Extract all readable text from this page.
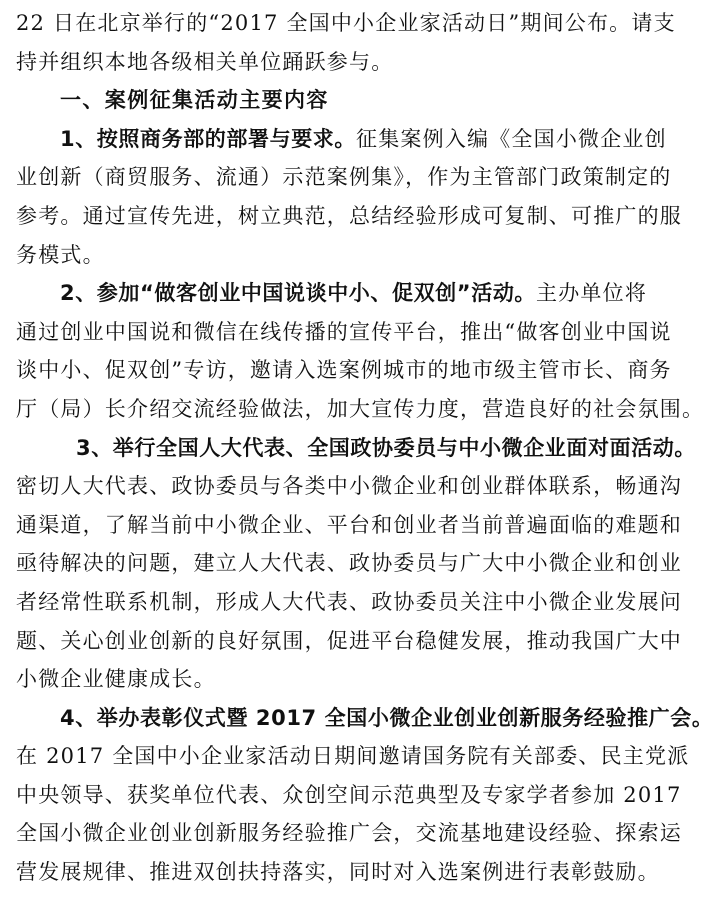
22 日在北京举行的“2017 全国中小企业家活动日”期间公布。请支
持并组织本地各级相关单位踊跃参与。
一、案例征集活动主要内容
1、按照商务部的部署与要求。征集案例入编《全国小微企业创
业创新（商贸服务、流通）示范案例集》，作为主管部门政策制定的
参考。通过宣传先进，树立典范，总结经验形成可复制、可推广的服
务模式。
2、参加“做客创业中国说谈中小、促双创”活动。主办单位将
通过创业中国说和微信在线传播的宣传平台，推出“做客创业中国说
谈中小、促双创”专访，邀请入选案例城市的地市级主管市长、商务
厅（局）长介绍交流经验做法，加大宣传力度，营造良好的社会氛围。
3、举行全国人大代表、全国政协委员与中小微企业面对面活动。
密切人大代表、政协委员与各类中小微企业和创业群体联系，畅通沟
通渠道，了解当前中小微企业、平台和创业者当前普遍面临的难题和
亟待解决的问题，建立人大代表、政协委员与广大中小微企业和创业
者经常性联系机制，形成人大代表、政协委员关注中小微企业发展问
题、关心创业创新的良好氛围，促进平台稳健发展，推动我国广大中
小微企业健康成长。
4、举办表彰仪式暨 2017 全国小微企业创业创新服务经验推广会。
在 2017 全国中小企业家活动日期间邀请国务院有关部委、民主党派
中央领导、获奖单位代表、众创空间示范典型及专家学者参加 2017
全国小微企业创业创新服务经验推广会，交流基地建设经验、探索运
营发展规律、推进双创扶持落实，同时对入选案例进行表彰鼓励。
